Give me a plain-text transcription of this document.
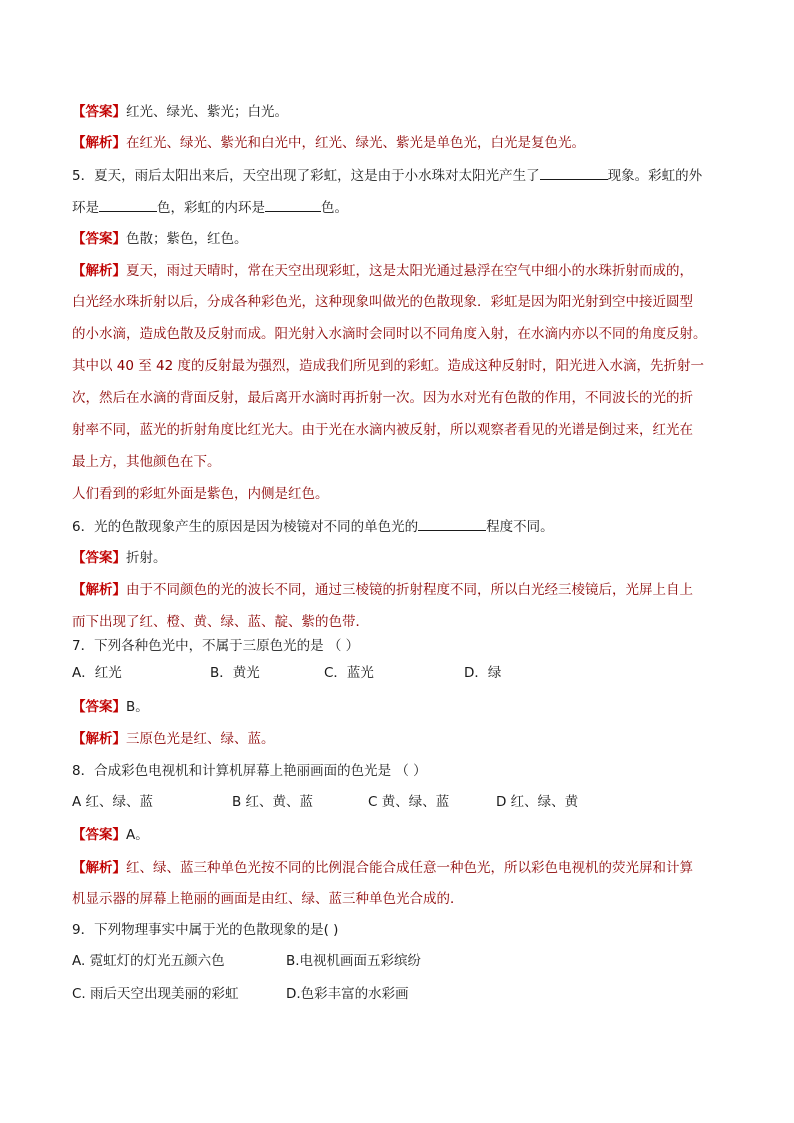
【答案】红光、绿光、紫光；白光。
【解析】在红光、绿光、紫光和白光中，红光、绿光、紫光是单色光，白光是复色光。
5．夏天，雨后太阳出来后，天空出现了彩虹，这是由于小水珠对太阳光产生了	现象。彩虹的外
环是	色，彩虹的内环是	色。
【答案】色散；紫色，红色。
【解析】夏天，雨过天晴时，常在天空出现彩虹，这是太阳光通过悬浮在空气中细小的水珠折射而成的，
白光经水珠折射以后，分成各种彩色光，这种现象叫做光的色散现象．彩虹是因为阳光射到空中接近圆型
的小水滴，造成色散及反射而成。阳光射入水滴时会同时以不同角度入射，在水滴内亦以不同的角度反射。
其中以 40 至 42 度的反射最为强烈，造成我们所见到的彩虹。造成这种反射时，阳光进入水滴，先折射一
次，然后在水滴的背面反射，最后离开水滴时再折射一次。因为水对光有色散的作用，不同波长的光的折
射率不同，蓝光的折射角度比红光大。由于光在水滴内被反射，所以观察者看见的光谱是倒过来，红光在
最上方，其他颜色在下。
人们看到的彩虹外面是紫色，内侧是红色。
6．光的色散现象产生的原因是因为棱镜对不同的单色光的	程度不同。
【答案】折射。
【解析】由于不同颜色的光的波长不同，通过三棱镜的折射程度不同，所以白光经三棱镜后，光屏上自上
而下出现了红、橙、黄、绿、蓝、靛、紫的色带．
7．下列各种色光中，不属于三原色光的是 （ ）
A．红光	B．黄光	C．蓝光	D．绿
【答案】B。
【解析】三原色光是红、绿、蓝。
8．合成彩色电视机和计算机屏幕上艳丽画面的色光是 （ ）
A 红、绿、蓝	B 红、黄、蓝	C 黄、绿、蓝	D 红、绿、黄
【答案】A。
【解析】红、绿、蓝三种单色光按不同的比例混合能合成任意一种色光，所以彩色电视机的荧光屏和计算
机显示器的屏幕上艳丽的画面是由红、绿、蓝三种单色光合成的．
9．下列物理事实中属于光的色散现象的是( )
A. 霓虹灯的灯光五颜六色	B.电视机画面五彩缤纷
C. 雨后天空出现美丽的彩虹	D.色彩丰富的水彩画
